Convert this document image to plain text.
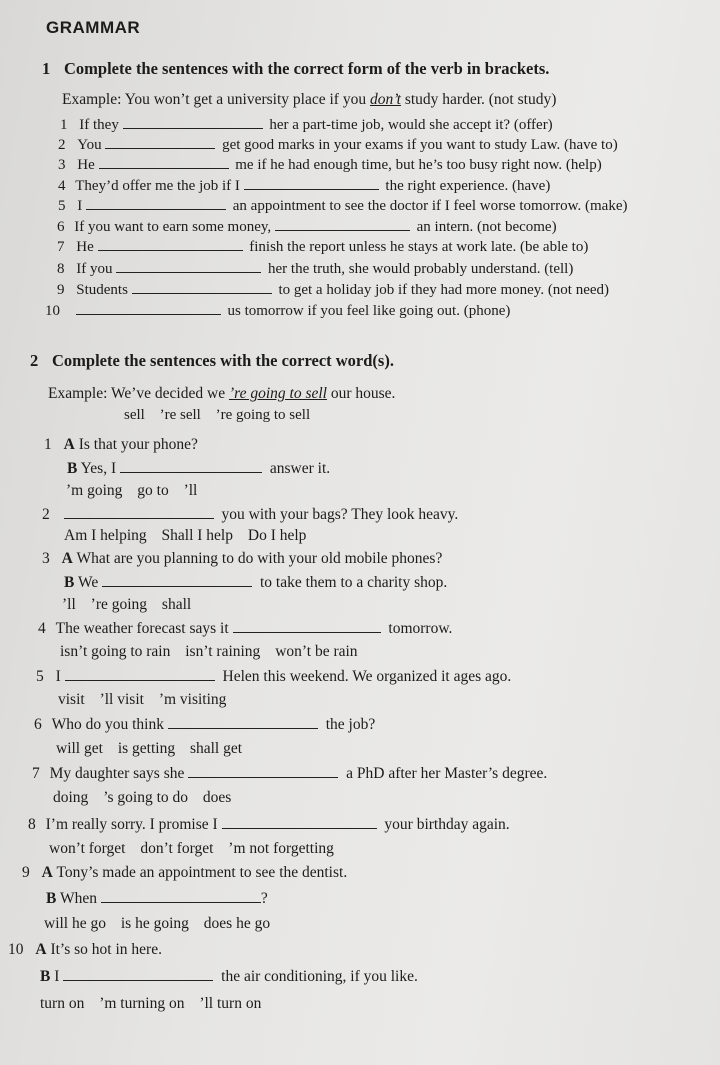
GRAMMAR
1 Complete the sentences with the correct form of the verb in brackets.
Example: You won’t get a university place if you don’t study harder. (not study)
1 If they	her a part-time job, would she accept it? (offer)
2 You	get good marks in your exams if you want to study Law. (have to)
3 He	me if he had enough time, but he’s too busy right now. (help)
4 They’d offer me the job if I	the right experience. (have)
5 I	an appointment to see the doctor if I feel worse tomorrow. (make)
6 If you want to earn some money,	an intern. (not become)
7 He	finish the report unless he stays at work late. (be able to)
8 If you	her the truth, she would probably understand. (tell)
9 Students	to get a holiday job if they had more money. (not need)
10	us tomorrow if you feel like going out. (phone)
2 Complete the sentences with the correct word(s).
Example: We’ve decided we ’re going to sell our house.
sell ’re sell ’re going to sell
1 A Is that your phone?
B Yes, I	answer it.
’m going go to ’ll
2	you with your bags? They look heavy.
Am I helping Shall I help Do I help
3 A What are you planning to do with your old mobile phones?
B We	to take them to a charity shop.
’ll ’re going shall
4 The weather forecast says it	tomorrow.
isn’t going to rain isn’t raining won’t be rain
5 I	Helen this weekend. We organized it ages ago.
visit ’ll visit ’m visiting
6 Who do you think	the job?
will get is getting shall get
7 My daughter says she	a PhD after her Master’s degree.
doing ’s going to do does
8 I’m really sorry. I promise I	your birthday again.
won’t forget don’t forget ’m not forgetting
9 A Tony’s made an appointment to see the dentist.
B When	?
will he go is he going does he go
10 A It’s so hot in here.
B I	the air conditioning, if you like.
turn on ’m turning on ’ll turn on
